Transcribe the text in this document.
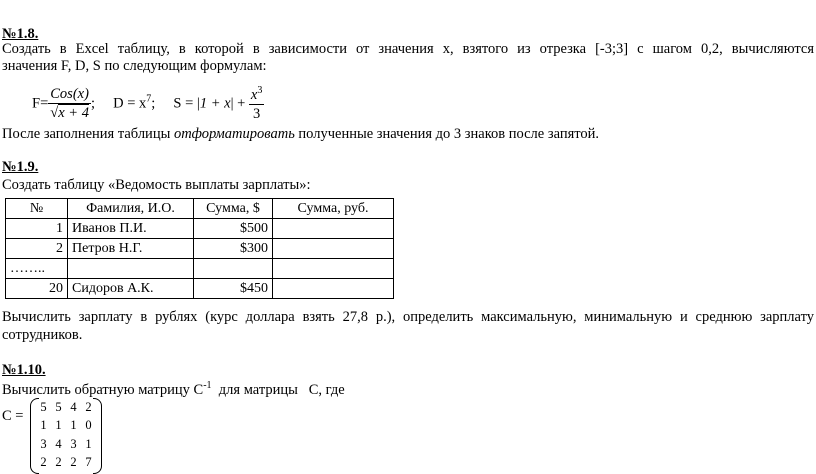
№1.8.
Создать в Excel таблицу, в которой в зависимости от значения x, взятого из отрезка [-3;3] с шагом 0,2, вычисляются
значения F, D, S по следующим формулам:
$F= \frac{\text{Cos(x)}}{√x + 4}$ ; $D = x^7$; $S = |1 + x| + \frac{x^3}{3}$
После заполнения таблицы отформатировать полученные значения до 3 знаков после запятой.
№1.9.
Создать таблицу «Ведомость выплаты зарплаты»:
№	Фамилия, И.О.	Сумма, $	Сумма, руб.
1	Иванов П.И.	$500	
2	Петров Н.Г.	$300	
……..			
20	Сидоров А.К.	$450	
Вычислить зарплату в рублях (курс доллара взять 27,8 р.), определить максимальную, минимальную и среднюю зарплату
сотрудников.
№1.10.
Вычислить обратную матрицу $С^{-1}$  для матрицы   С, где
С =
5	5	4	2
1	1	1	0
3	4	3	1
2	2	2	7
